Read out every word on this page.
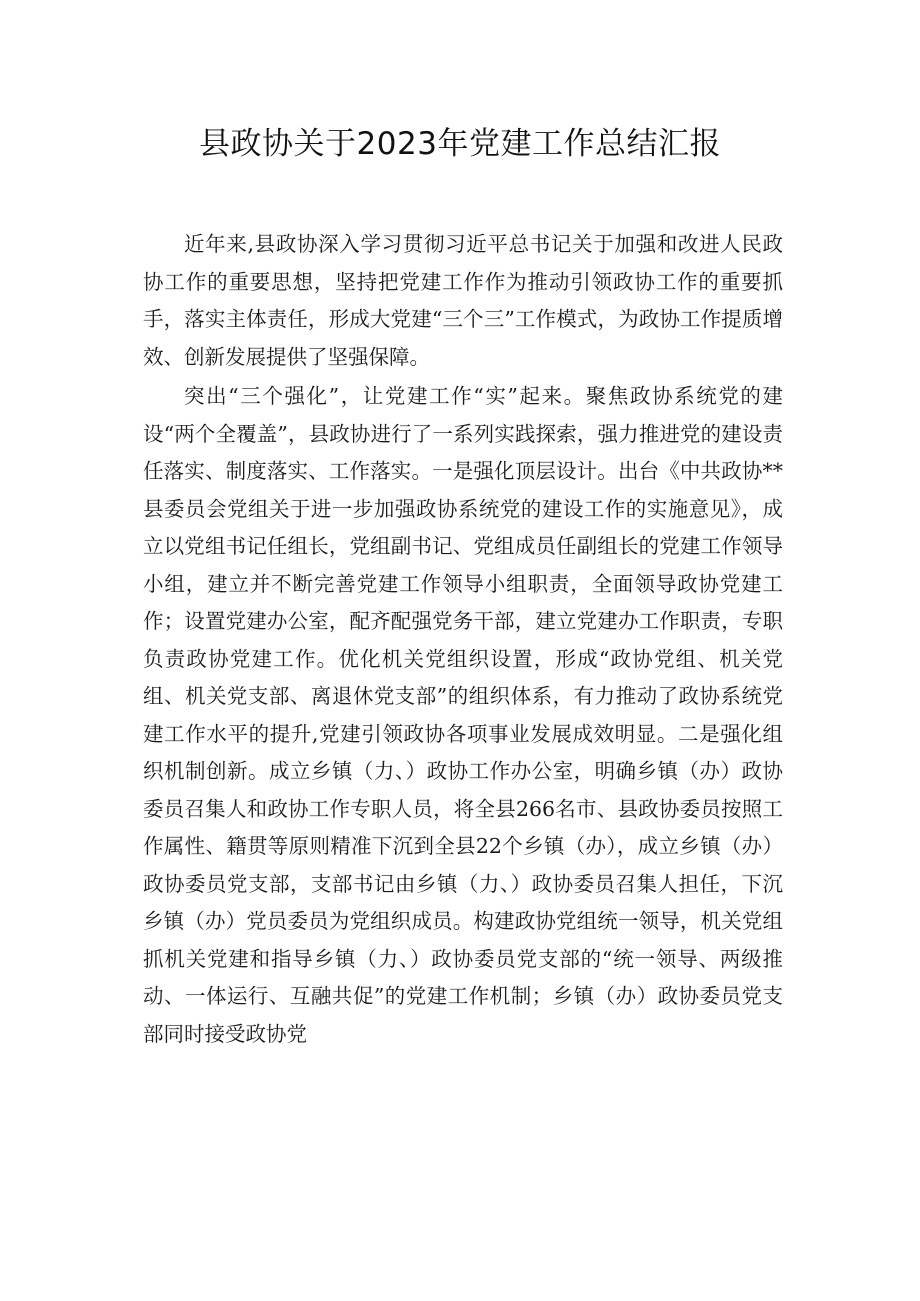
县政协关于2023年党建工作总结汇报

近年来,县政协深入学习贯彻习近平总书记关于加强和改进人民政协工作的重要思想，坚持把党建工作作为推动引领政协工作的重要抓手，落实主体责任，形成大党建“三个三”工作模式，为政协工作提质增效、创新发展提供了坚强保障。

突出“三个强化”，让党建工作“实”起来。聚焦政协系统党的建设“两个全覆盖”，县政协进行了一系列实践探索，强力推进党的建设责任落实、制度落实、工作落实。一是强化顶层设计。出台《中共政协**县委员会党组关于进一步加强政协系统党的建设工作的实施意见》，成立以党组书记任组长，党组副书记、党组成员任副组长的党建工作领导小组，建立并不断完善党建工作领导小组职责，全面领导政协党建工作；设置党建办公室，配齐配强党务干部，建立党建办工作职责，专职负责政协党建工作。优化机关党组织设置，形成“政协党组、机关党组、机关党支部、离退休党支部”的组织体系，有力推动了政协系统党建工作水平的提升,党建引领政协各项事业发展成效明显。二是强化组织机制创新。成立乡镇（力、）政协工作办公室，明确乡镇（办）政协委员召集人和政协工作专职人员，将全县266名市、县政协委员按照工作属性、籍贯等原则精准下沉到全县22个乡镇（办），成立乡镇（办）政协委员党支部，支部书记由乡镇（力、）政协委员召集人担任，下沉乡镇（办）党员委员为党组织成员。构建政协党组统一领导，机关党组抓机关党建和指导乡镇（力、）政协委员党支部的“统一领导、两级推动、一体运行、互融共促”的党建工作机制；乡镇（办）政协委员党支部同时接受政协党
